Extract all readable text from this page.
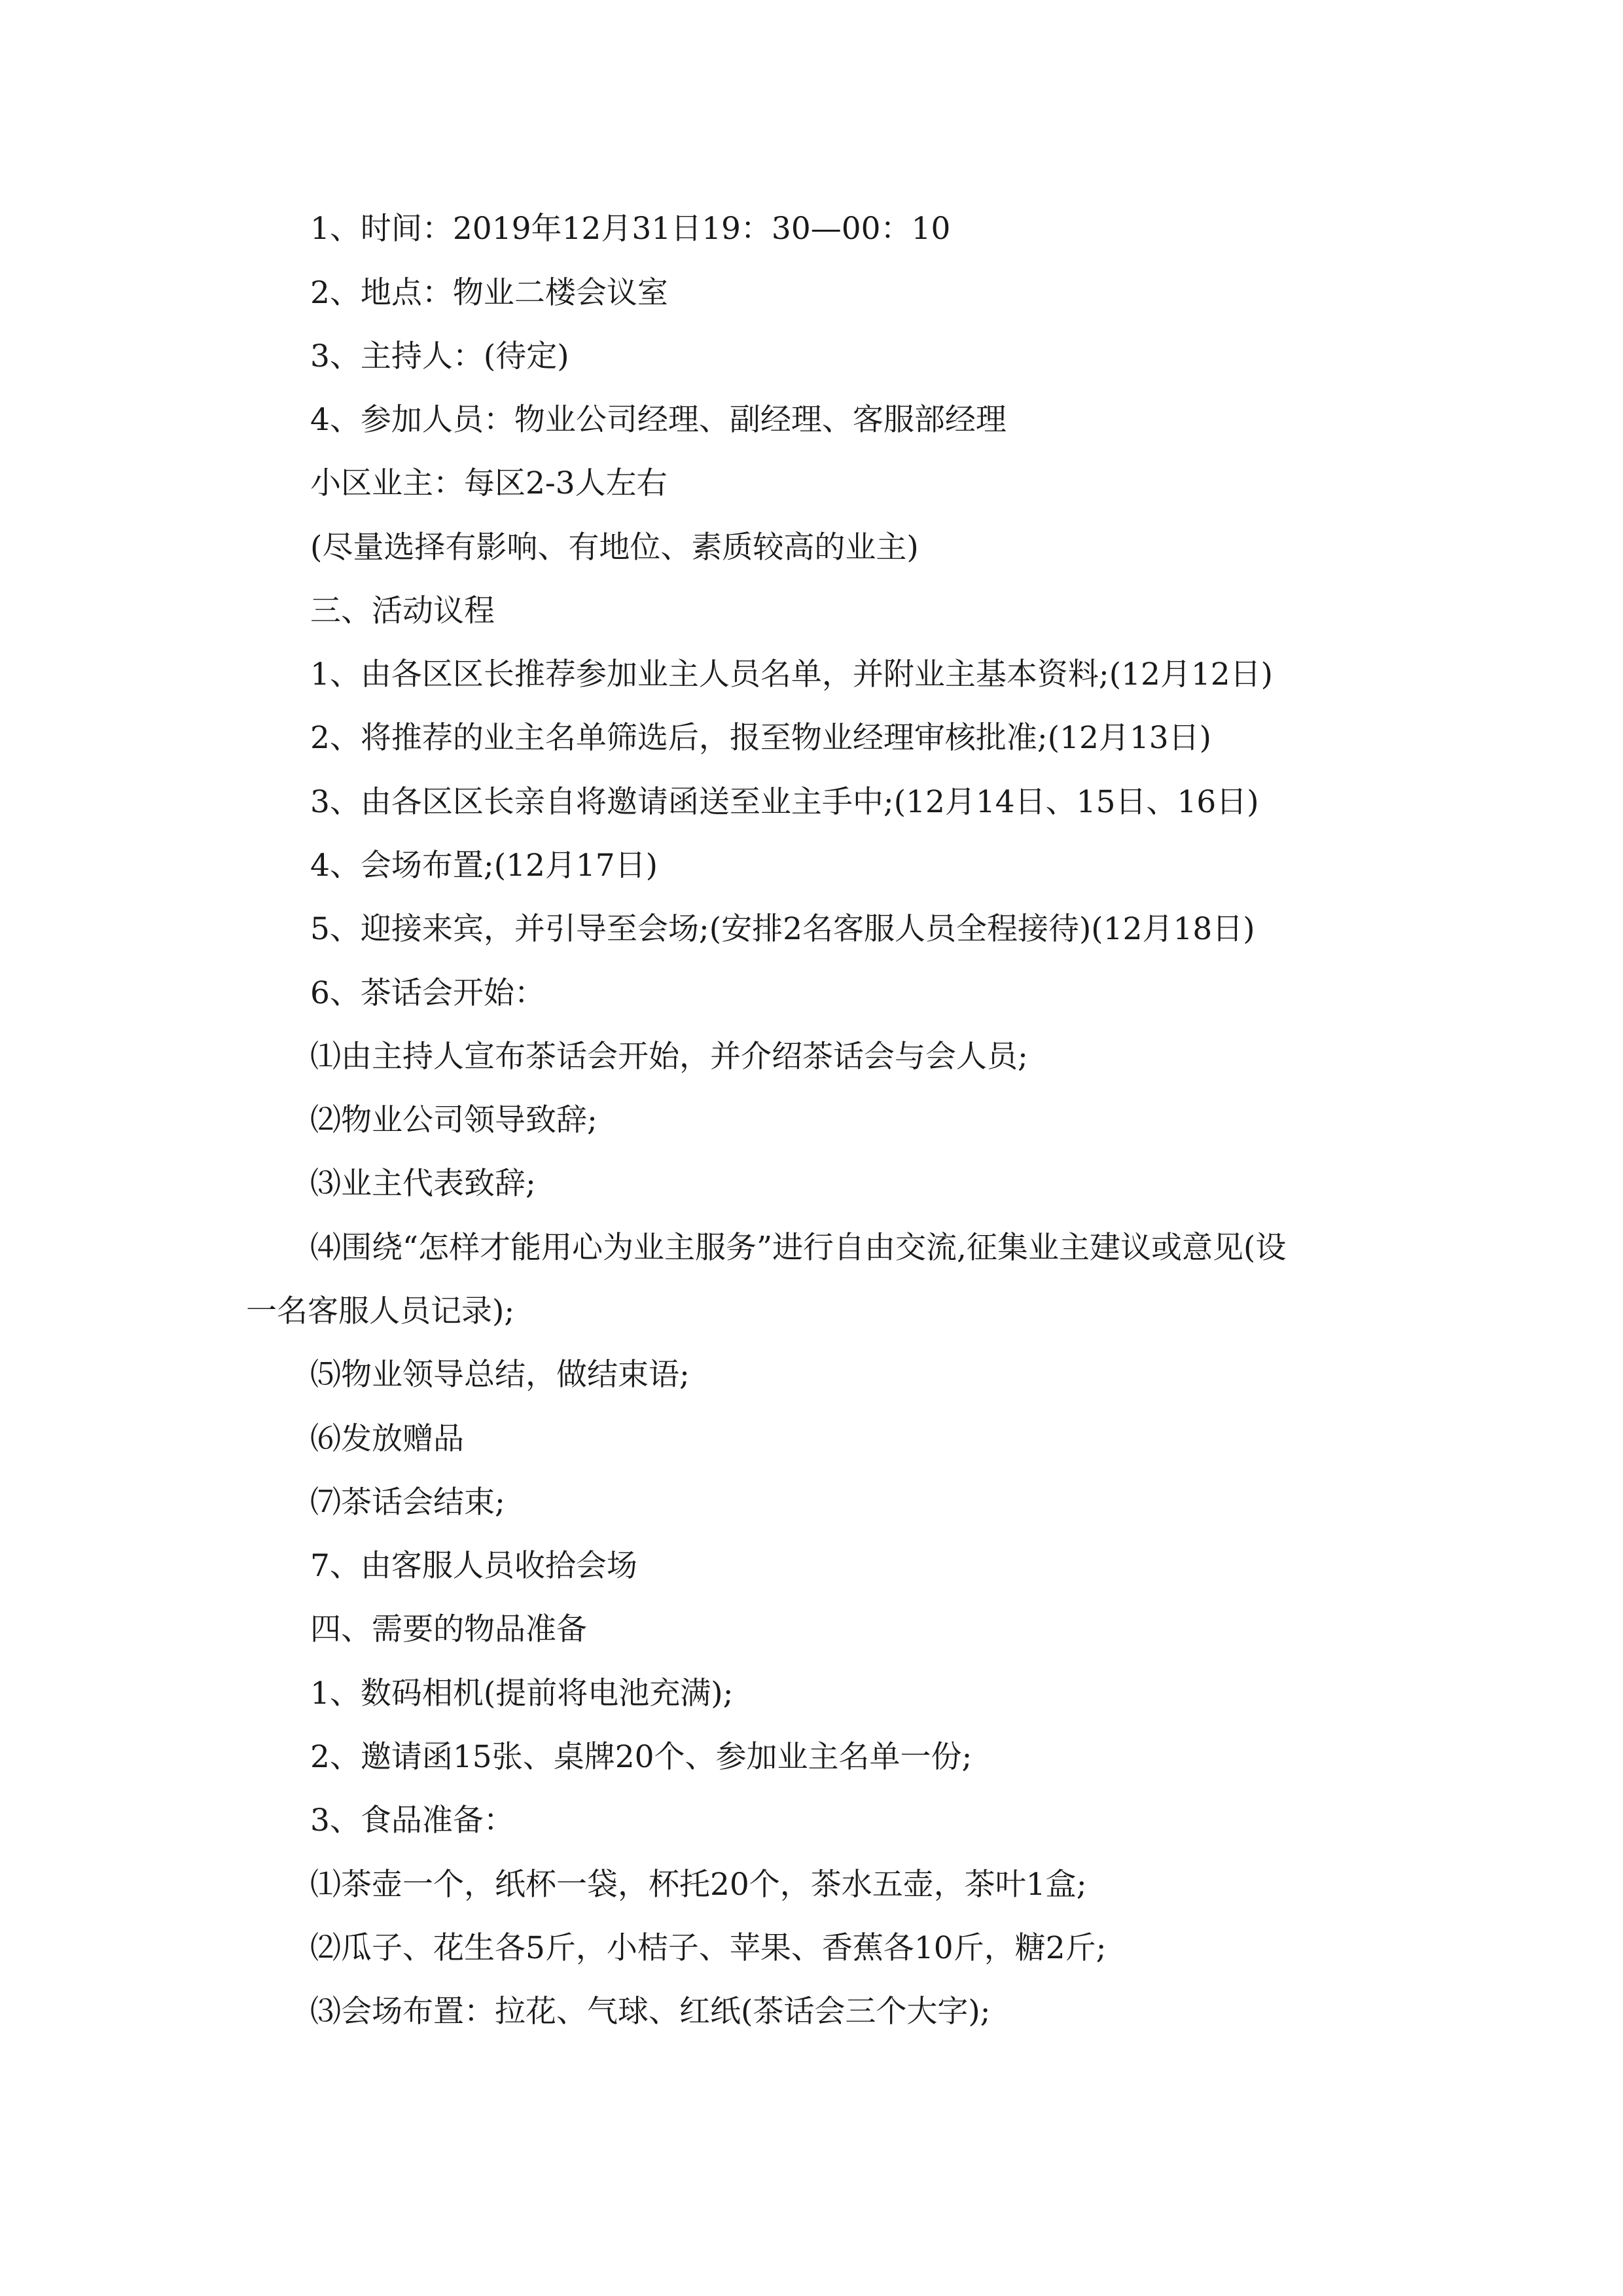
1、时间：2019年12月31日19：30—00：10
2、地点：物业二楼会议室
3、主持人：(待定)
4、参加人员：物业公司经理、副经理、客服部经理
小区业主：每区2-3人左右
(尽量选择有影响、有地位、素质较高的业主)
三、活动议程
1、由各区区长推荐参加业主人员名单，并附业主基本资料;(12月12日)
2、将推荐的业主名单筛选后，报至物业经理审核批准;(12月13日)
3、由各区区长亲自将邀请函送至业主手中;(12月14日、15日、16日)
4、会场布置;(12月17日)
5、迎接来宾，并引导至会场;(安排2名客服人员全程接待)(12月18日)
6、茶话会开始：
⑴由主持人宣布茶话会开始，并介绍茶话会与会人员;
⑵物业公司领导致辞;
⑶业主代表致辞;
⑷围绕“怎样才能用心为业主服务”进行自由交流,征集业主建议或意见(设
一名客服人员记录);
⑸物业领导总结，做结束语;
⑹发放赠品
⑺茶话会结束;
7、由客服人员收拾会场
四、需要的物品准备
1、数码相机(提前将电池充满);
2、邀请函15张、桌牌20个、参加业主名单一份;
3、食品准备：
⑴茶壶一个，纸杯一袋，杯托20个，茶水五壶，茶叶1盒;
⑵瓜子、花生各5斤，小桔子、苹果、香蕉各10斤，糖2斤;
⑶会场布置：拉花、气球、红纸(茶话会三个大字);
